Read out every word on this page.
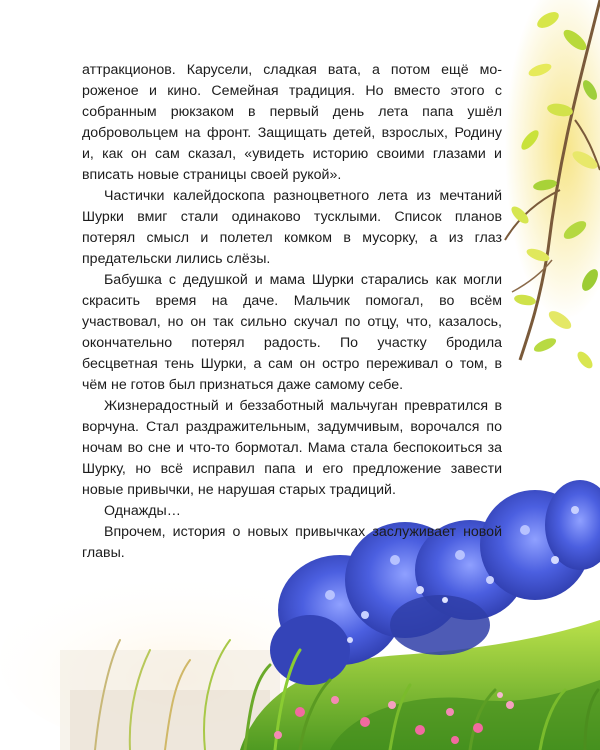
аттракционов. Карусели, сладкая вата, а потом ещё мороженое и кино. Семейная традиция. Но вместо этого с собранным рюкзаком в первый день лета папа ушёл добровольцем на фронт. Защищать детей, взрослых, Родину и, как он сам сказал, «увидеть историю своими глазами и вписать новые страницы своей рукой».

Частички калейдоскопа разноцветного лета из мечтаний Шурки вмиг стали одинаково тусклыми. Список планов потерял смысл и полетел комком в мусорку, а из глаз предательски лились слёзы.

Бабушка с дедушкой и мама Шурки старались как могли скрасить время на даче. Мальчик помогал, во всём участвовал, но он так сильно скучал по отцу, что, казалось, окончательно потерял радость. По участку бродила бесцветная тень Шурки, а сам он остро переживал о том, в чём не готов был признаться даже самому себе.

Жизнерадостный и беззаботный мальчуган превратился в ворчуна. Стал раздражительным, задумчивым, ворочался по ночам во сне и что-то бормотал. Мама стала беспокоиться за Шурку, но всё исправил папа и его предложение завести новые привычки, не нарушая старых традиций.

Однажды…

Впрочем, история о новых привычках заслуживает новой главы.
